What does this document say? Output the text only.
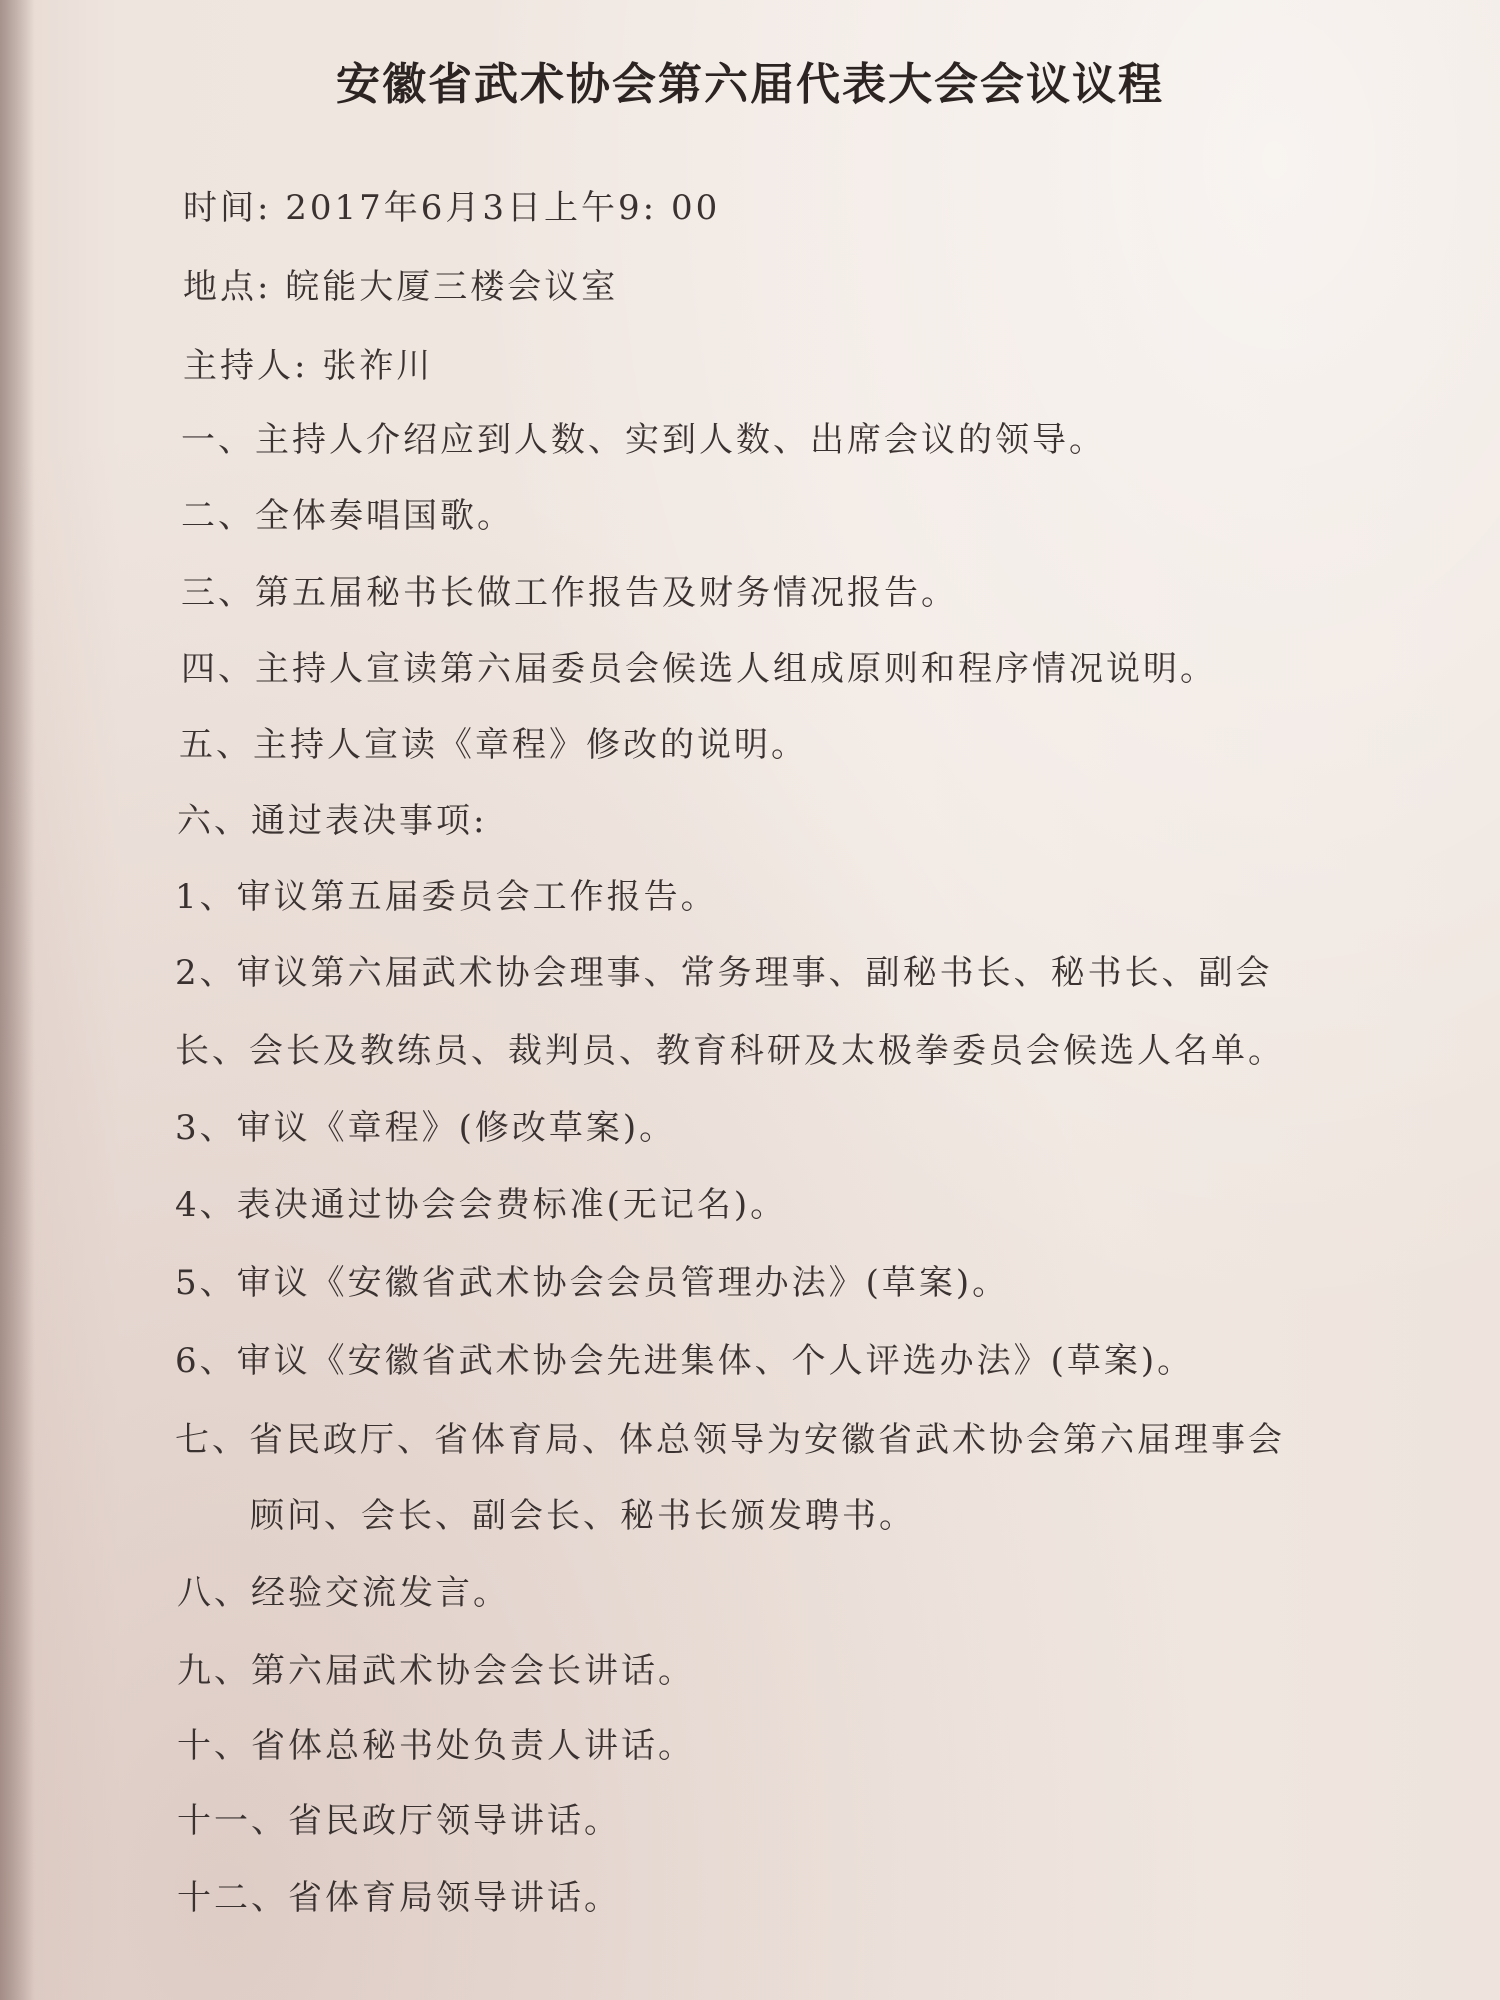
安徽省武术协会第六届代表大会会议议程
时间: 2017年6月3日上午9: 00
地点: 皖能大厦三楼会议室
主持人: 张祚川
一、主持人介绍应到人数、实到人数、出席会议的领导。
二、全体奏唱国歌。
三、第五届秘书长做工作报告及财务情况报告。
四、主持人宣读第六届委员会候选人组成原则和程序情况说明。
五、主持人宣读《章程》修改的说明。
六、通过表决事项:
1、审议第五届委员会工作报告。
2、审议第六届武术协会理事、常务理事、副秘书长、秘书长、副会
长、会长及教练员、裁判员、教育科研及太极拳委员会候选人名单。
3、审议《章程》(修改草案)。
4、表决通过协会会费标准(无记名)。
5、审议《安徽省武术协会会员管理办法》(草案)。
6、审议《安徽省武术协会先进集体、个人评选办法》(草案)。
七、省民政厅、省体育局、体总领导为安徽省武术协会第六届理事会
顾问、会长、副会长、秘书长颁发聘书。
八、经验交流发言。
九、第六届武术协会会长讲话。
十、省体总秘书处负责人讲话。
十一、省民政厅领导讲话。
十二、省体育局领导讲话。
